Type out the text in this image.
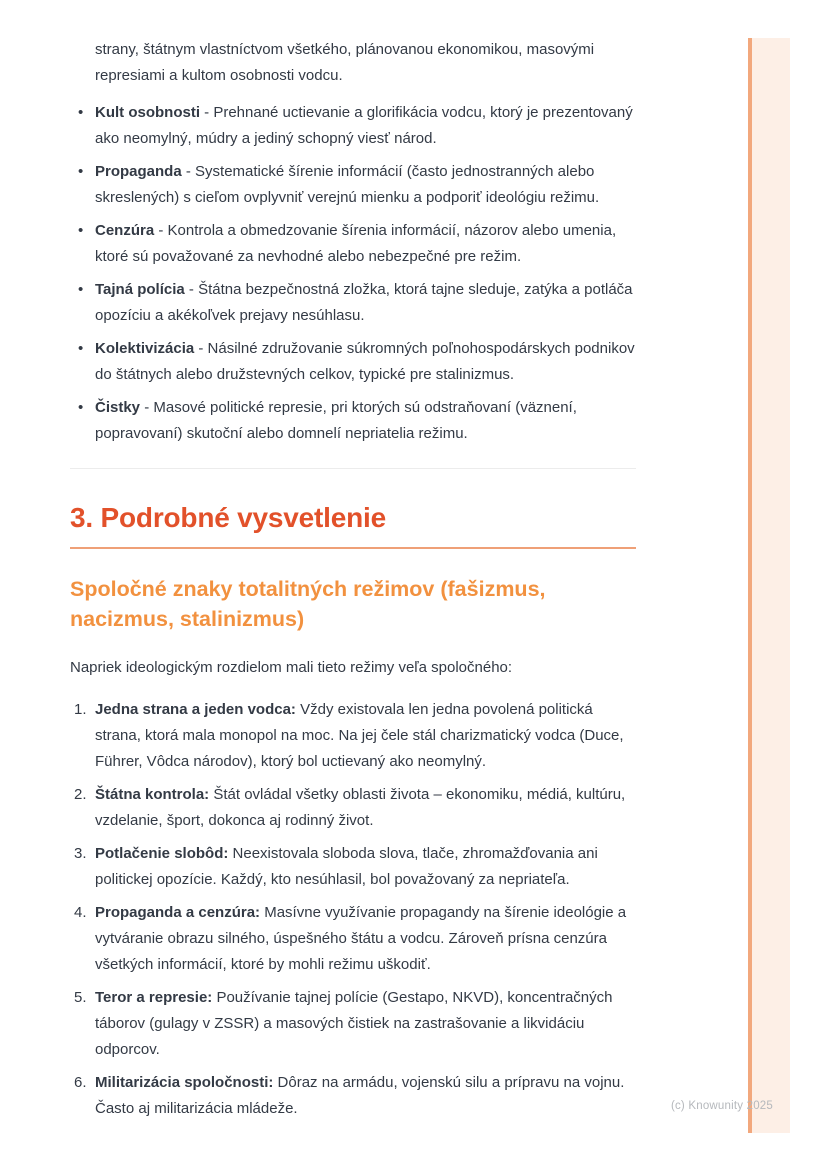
strany, štátnym vlastníctvom všetkého, plánovanou ekonomikou, masovými represiami a kultom osobnosti vodcu.

• Kult osobnosti - Prehnané uctievanie a glorifikácia vodcu, ktorý je prezentovaný ako neomylný, múdry a jediný schopný viesť národ.
• Propaganda - Systematické šírenie informácií (často jednostranných alebo skreslených) s cieľom ovplyvniť verejnú mienku a podporiť ideológiu režimu.
• Cenzúra - Kontrola a obmedzovanie šírenia informácií, názorov alebo umenia, ktoré sú považované za nevhodné alebo nebezpečné pre režim.
• Tajná polícia - Štátna bezpečnostná zložka, ktorá tajne sleduje, zatýka a potláča opozíciu a akékoľvek prejavy nesúhlasu.
• Kolektivizácia - Násilné združovanie súkromných poľnohospodárskych podnikov do štátnych alebo družstevných celkov, typické pre stalinizmus.
• Čistky - Masové politické represie, pri ktorých sú odstraňovaní (väznení, popravovaní) skutoční alebo domnelí nepriatelia režimu.
3. Podrobné vysvetlenie
Spoločné znaky totalitných režimov (fašizmus, nacizmus, stalinizmus)

Napriek ideologickým rozdielom mali tieto režimy veľa spoločného:

1. Jedna strana a jeden vodca: Vždy existovala len jedna povolená politická strana, ktorá mala monopol na moc. Na jej čele stál charizmatický vodca (Duce, Führer, Vôdca národov), ktorý bol uctievaný ako neomylný.
2. Štátna kontrola: Štát ovládal všetky oblasti života – ekonomiku, médiá, kultúru, vzdelanie, šport, dokonca aj rodinný život.
3. Potlačenie slobôd: Neexistovala sloboda slova, tlače, zhromažďovania ani politickej opozície. Každý, kto nesúhlasil, bol považovaný za nepriateľa.
4. Propaganda a cenzúra: Masívne využívanie propagandy na šírenie ideológie a vytváranie obrazu silného, úspešného štátu a vodcu. Zároveň prísna cenzúra všetkých informácií, ktoré by mohli režimu uškodiť.
5. Teror a represie: Používanie tajnej polície (Gestapo, NKVD), koncentračných táborov (gulagy v ZSSR) a masových čistiek na zastrašovanie a likvidáciu odporcov.
6. Militarizácia spoločnosti: Dôraz na armádu, vojenskú silu a prípravu na vojnu. Často aj militarizácia mládeže.	(c) Knowunity 2025
